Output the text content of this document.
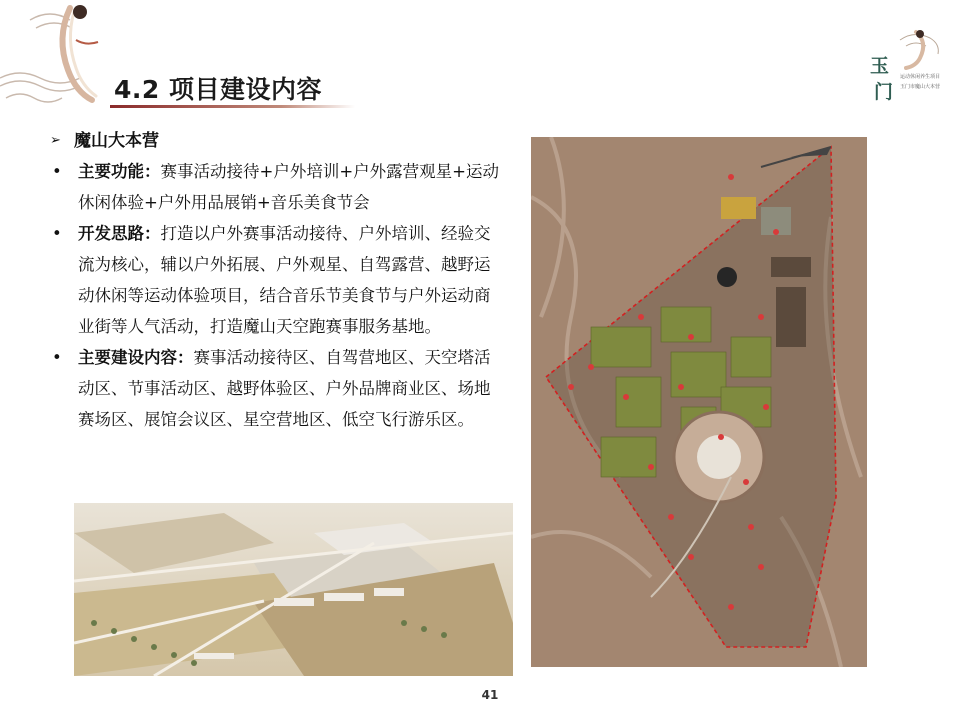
4.2 项目建设内容
玉
门
运动休闲养生项目
玉门市魔山大本营
➢ 魔山大本营
• 主要功能：赛事活动接待+户外培训+户外露营观星+运动休闲体验+户外用品展销+音乐美食节会
• 开发思路：打造以户外赛事活动接待、户外培训、经验交流为核心，辅以户外拓展、户外观星、自驾露营、越野运动休闲等运动体验项目，结合音乐节美食节与户外运动商业街等人气活动，打造魔山天空跑赛事服务基地。
• 主要建设内容：赛事活动接待区、自驾营地区、天空塔活动区、节事活动区、越野体验区、户外品牌商业区、场地赛场区、展馆会议区、星空营地区、低空飞行游乐区。
41
